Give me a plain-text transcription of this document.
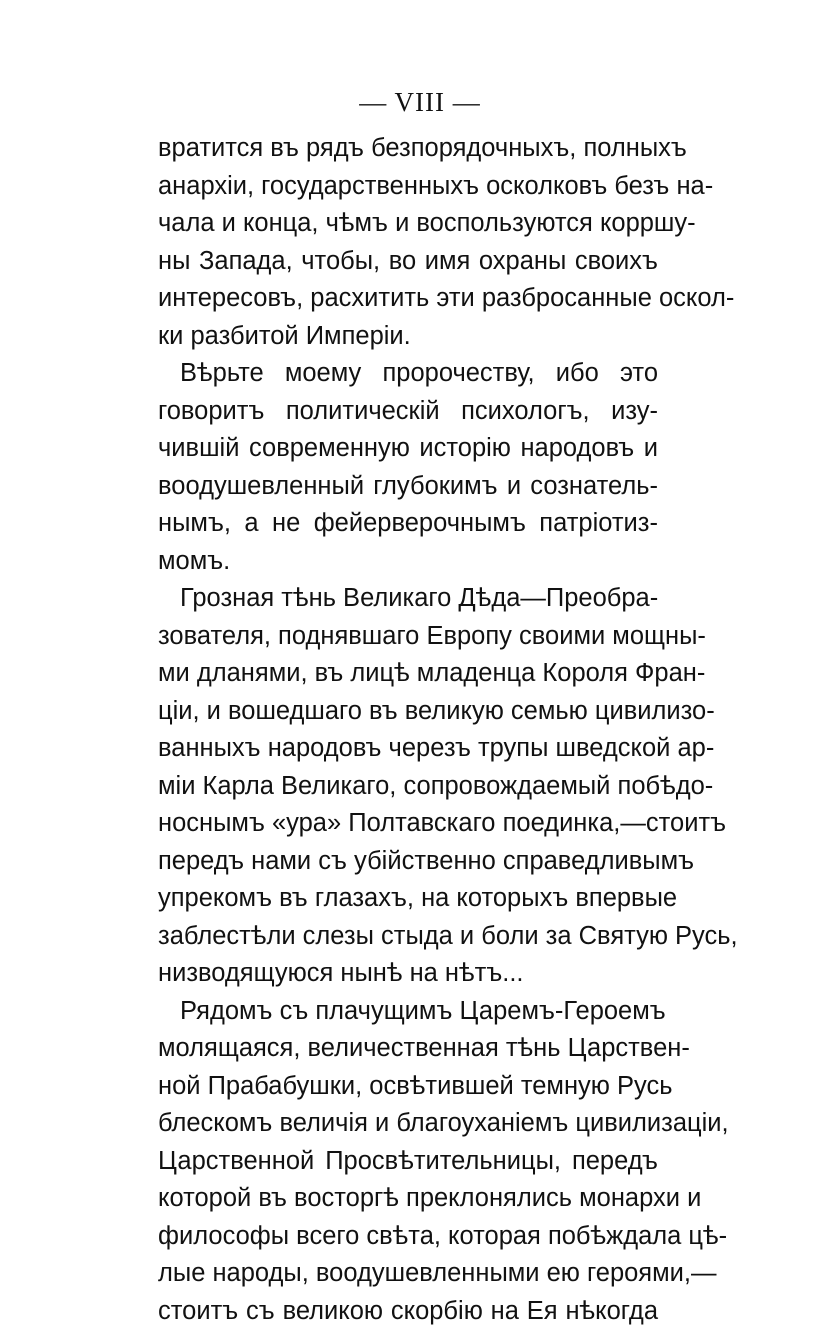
— VIII —
вратится въ рядъ безпорядочныхъ, полныхъ
анархіи, государственныхъ осколковъ безъ на-
чала и конца, чѣмъ и воспользуются корршу-
ны Запада, чтобы, во имя охраны своихъ
интересовъ, расхитить эти разбросанные оскол-
ки разбитой Имперіи.
Вѣрьте моему пророчеству, ибо это
говоритъ политическій психологъ, изу-
чившій современную исторію народовъ и
воодушевленный глубокимъ и сознатель-
нымъ, а не фейерверочнымъ патріотиз-
момъ.
Грозная тѣнь Великаго Дѣда—Преобра-
зователя, поднявшаго Европу своими мощны-
ми дланями, въ лицѣ младенца Короля Фран-
ціи, и вошедшаго въ великую семью цивилизо-
ванныхъ народовъ черезъ трупы шведской ар-
міи Карла Великаго, сопровождаемый побѣдо-
носнымъ «ура» Полтавскаго поединка,—стоитъ
передъ нами съ убійственно справедливымъ
упрекомъ въ глазахъ, на которыхъ впервые
заблестѣли слезы стыда и боли за Святую Русь,
низводящуюся нынѣ на нѣтъ...
Рядомъ съ плачущимъ Царемъ-Героемъ
молящаяся, величественная тѣнь Царствен-
ной Прабабушки, освѣтившей темную Русь
блескомъ величія и благоуханіемъ цивилизаціи,
Царственной Просвѣтительницы, передъ
которой въ восторгѣ преклонялись монархи и
философы всего свѣта, которая побѣждала цѣ-
лые народы, воодушевленными ею героями,—
стоитъ съ великою скорбію на Ея нѣкогда
